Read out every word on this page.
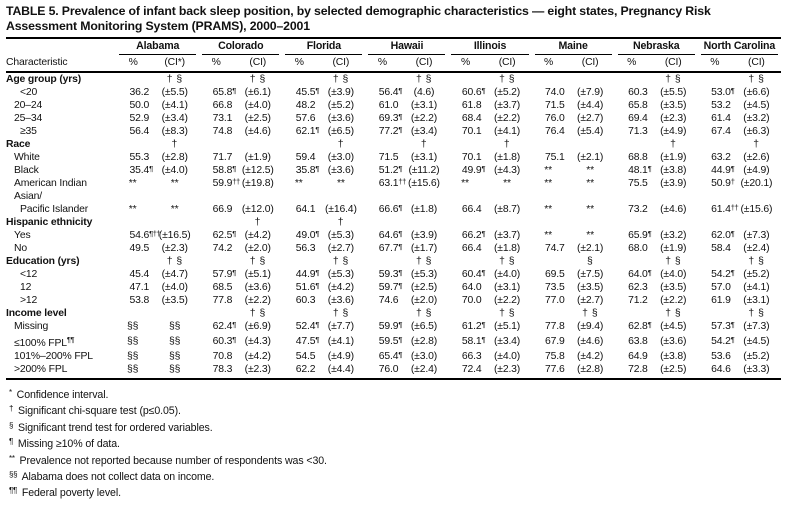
TABLE 5. Prevalence of infant back sleep position, by selected demographic characteristics — eight states, Pregnancy Risk Assessment Monitoring System (PRAMS), 2000–2001

	Alabama		Colorado		Florida		Hawaii		Illinois		Maine		Nebraska		North Carolina	

Characteristic	%	(CI*)	%	(CI)	%	(CI)	%	(CI)	%	(CI)	%	(CI)	%	(CI)	%	(CI)
Age group (yrs)		† §		† §		† §		† §		† §				† §		† §
<20	36.2	(±5.5)	65.8 ¶	(±6.1)	45.5 ¶	(±3.9)	56.4 ¶	(4.6)	60.6 ¶	(±5.2)	74.0	(±7.9)	60.3	(±5.5)	53.0 ¶	(±6.6)
20–24	50.0	(±4.1)	66.8	(±4.0)	48.2	(±5.2)	61.0	(±3.1)	61.8	(±3.7)	71.5	(±4.4)	65.8	(±3.5)	53.2	(±4.5)
25–34	52.9	(±3.4)	73.1	(±2.5)	57.6	(±3.6)	69.3 ¶	(±2.2)	68.4	(±2.2)	76.0	(±2.7)	69.4	(±2.3)	61.4	(±3.2)
≥35	56.4	(±8.3)	74.8	(±4.6)	62.1 ¶	(±6.5)	77.2 ¶	(±3.4)	70.1	(±4.1)	76.4	(±5.4)	71.3	(±4.9)	67.4	(±6.3)
Race		†				†		†		†				†		†
White	55.3	(±2.8)	71.7	(±1.9)	59.4	(±3.0)	71.5	(±3.1)	70.1	(±1.8)	75.1	(±2.1)	68.8	(±1.9)	63.2	(±2.6)
Black	35.4 ¶	(±4.0)	58.8 ¶	(±12.5)	35.8 ¶	(±3.6)	51.2 ¶	(±11.2)	49.9 ¶	(±4.3)	**	**	48.1 ¶	(±3.8)	44.9 ¶	(±4.9)
American Indian	**	**	59.9 ††	(±19.8)	**	**	63.1 ††	(±15.6)	**	**	**	**	75.5	(±3.9)	50.9 †	(±20.1)
Asian/																
Pacific Islander	**	**	66.9	(±12.0)	64.1	(±16.4)	66.6 ¶	(±1.8)	66.4	(±8.7)	**	**	73.2	(±4.6)	61.4 ††	(±15.6)
Hispanic ethnicity				†		†										
Yes	54.6 ¶††	(±16.5)	62.5 ¶	(±4.2)	49.0 ¶	(±5.3)	64.6 ¶	(±3.9)	66.2 ¶	(±3.7)	**	**	65.9 ¶	(±3.2)	62.0 ¶	(±7.3)
No	49.5	(±2.3)	74.2	(±2.0)	56.3	(±2.7)	67.7 ¶	(±1.7)	66.4	(±1.8)	74.7	(±2.1)	68.0	(±1.9)	58.4	(±2.4)
Education (yrs)		† §		† §		† §		† §		† §		§		† §		† §
<12	45.4	(±4.7)	57.9 ¶	(±5.1)	44.9 ¶	(±5.3)	59.3 ¶	(±5.3)	60.4 ¶	(±4.0)	69.5	(±7.5)	64.0 ¶	(±4.0)	54.2 ¶	(±5.2)
12	47.1	(±4.0)	68.5	(±3.6)	51.6 ¶	(±4.2)	59.7 ¶	(±2.5)	64.0	(±3.1)	73.5	(±3.5)	62.3	(±3.5)	57.0	(±4.1)
>12	53.8	(±3.5)	77.8	(±2.2)	60.3	(±3.6)	74.6	(±2.0)	70.0	(±2.2)	77.0	(±2.7)	71.2	(±2.2)	61.9	(±3.1)
Income level				† §		† §		† §		† §		† §		† §		† §
Missing	§§	§§	62.4 ¶	(±6.9)	52.4 ¶	(±7.7)	59.9 ¶	(±6.5)	61.2 ¶	(±5.1)	77.8	(±9.4)	62.8 ¶	(±4.5)	57.3 ¶	(±7.3)
≤100% FPL¶¶	§§	§§	60.3 ¶	(±4.3)	47.5 ¶	(±4.1)	59.5 ¶	(±2.8)	58.1 ¶	(±3.4)	67.9	(±4.6)	63.8	(±3.6)	54.2 ¶	(±4.5)
101%–200% FPL	§§	§§	70.8	(±4.2)	54.5	(±4.9)	65.4 ¶	(±3.0)	66.3	(±4.0)	75.8	(±4.2)	64.9	(±3.8)	53.6	(±5.2)
>200% FPL	§§	§§	78.3	(±2.3)	62.2	(±4.4)	76.0	(±2.4)	72.4	(±2.3)	77.6	(±2.8)	72.8	(±2.5)	64.6	(±3.3)
* Confidence interval.
† Significant chi-square test (p≤0.05).
§ Significant trend test for ordered variables.
¶ Missing ≥10% of data.
** Prevalence not reported because number of respondents was <30.
§§ Alabama does not collect data on income.
¶¶ Federal poverty level.
